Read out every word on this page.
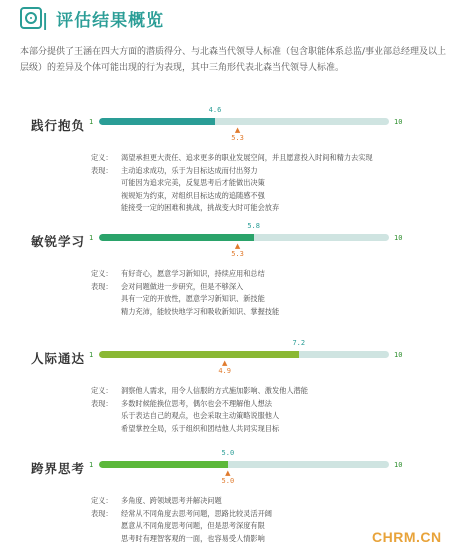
| 评估结果概览
本部分提供了王涵在四大方面的潜质得分、与北森当代领导人标准（包含职能体系总监/事业部总经理及以上层级）的差异及个体可能出现的行为表现，其中三角形代表北森当代领导人标准。
践行抱负
4.6
1	10
▲
5.3
定义：	渴望承担更大责任、追求更多的职业发展空间，并且愿意投入时间和精力去实现
表现：	主动追求成功，乐于为目标达成而付出努力
可能因为追求完美，反复思考后才能做出决策
视规矩为约束，对组织目标达成的追随感不强
能接受一定的困难和挑战，挑战变大时可能会放弃
敏锐学习
5.8
1	10
▲
5.3
定义：	有好奇心，愿意学习新知识，持续应用和总结
表现：	会对问题做进一步研究，但是不够深入
具有一定的开放性，愿意学习新知识、新技能
精力充沛，能较快地学习和吸收新知识、掌握技能
人际通达
7.2
1	10
▲
4.9
定义：	洞察他人需求，用令人信服的方式施加影响、激发他人潜能
表现：	多数时候能换位思考，偶尔也会不理解他人想法
乐于表达自己的观点，也会采取主动策略说服他人
希望掌控全局，乐于组织和团结他人共同实现目标
跨界思考
5.0
1	10
▲
5.0
定义：	多角度、跨领域思考并解决问题
表现：	经常从不同角度去思考问题，思路比较灵活开阔
愿意从不同角度思考问题，但是思考深度有限
思考时有理智客观的一面，也容易受人情影响	CHRM.CN
